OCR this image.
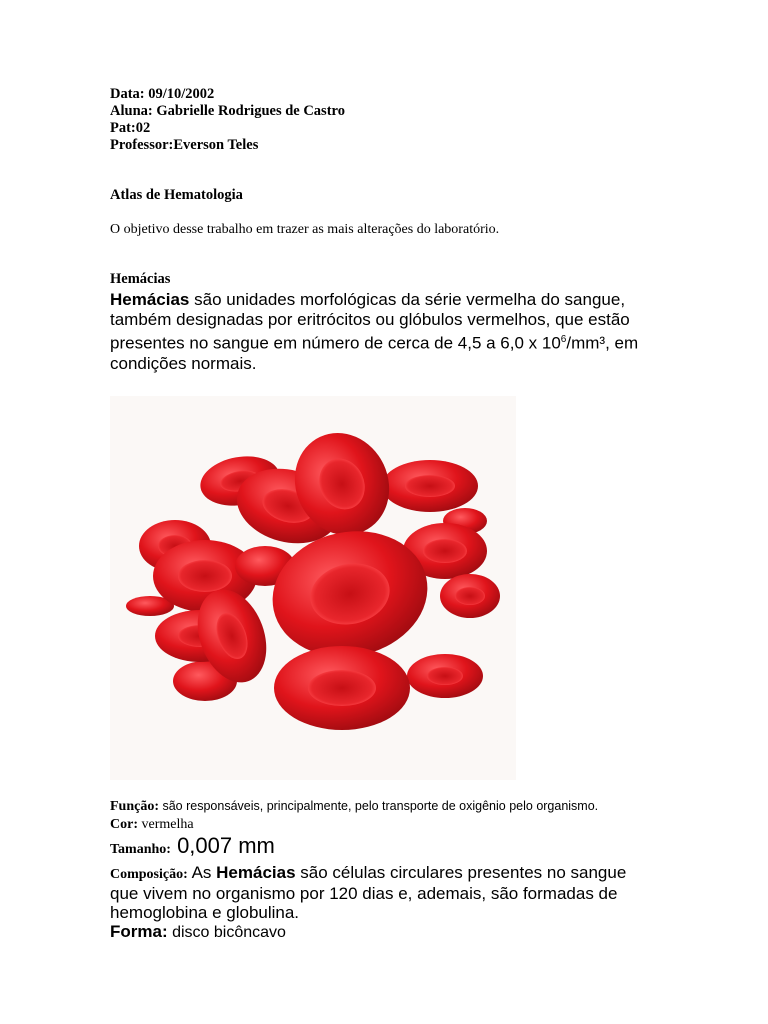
Data: 09/10/2002
Aluna: Gabrielle Rodrigues de Castro
Pat:02
Professor:Everson Teles
Atlas de Hematologia
O objetivo desse trabalho em trazer as mais alterações do laboratório.
Hemácias
Hemácias são unidades morfológicas da série vermelha do sangue,
também designadas por eritrócitos ou glóbulos vermelhos, que estão
presentes no sangue em número de cerca de 4,5 a 6,0 x $10^6$/mm³, em
condições normais.
Função: são responsáveis, principalmente, pelo transporte de oxigênio pelo organismo.
Cor: vermelha
Tamanho: 0,007 mm
Composição: As Hemácias são células circulares presentes no sangue
que vivem no organismo por 120 dias e, ademais, são formadas de
hemoglobina e globulina.
Forma: disco bicôncavo
